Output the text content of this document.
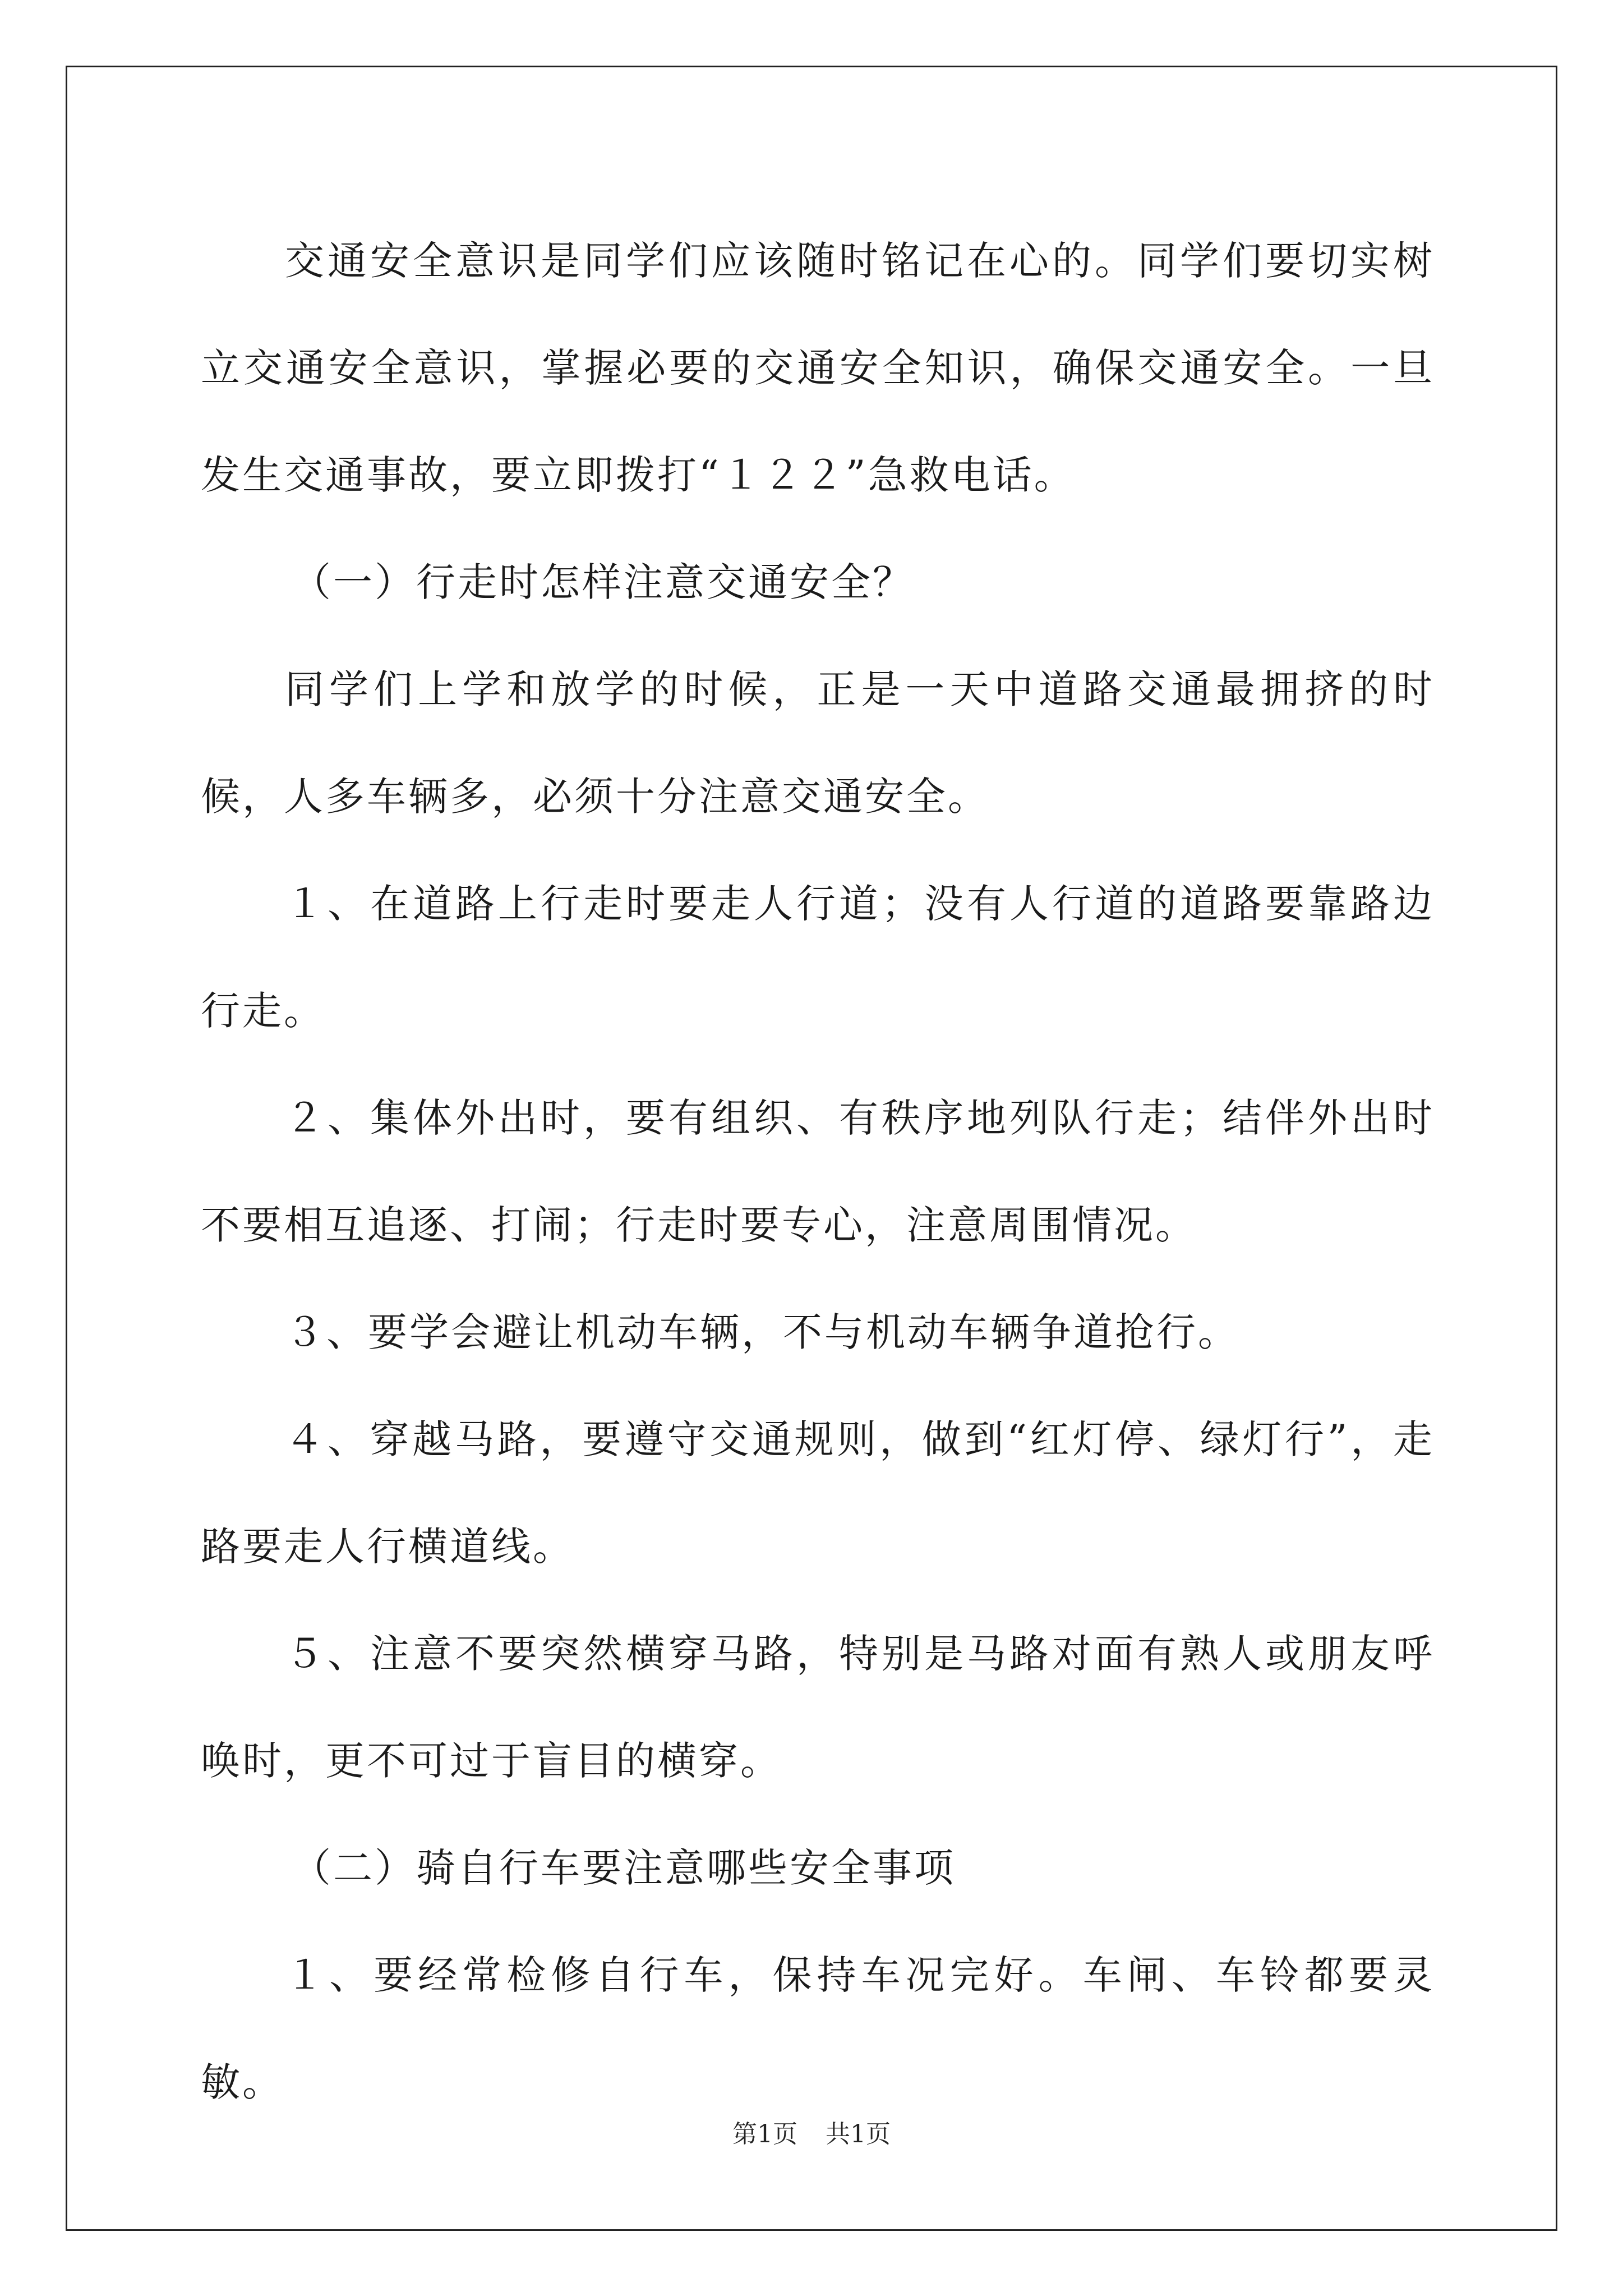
交通安全意识是同学们应该随时铭记在心的。同学们要切实树立交通安全意识，掌握必要的交通安全知识，确保交通安全。一旦发生交通事故，要立即拨打“１２２”急救电话。

（一）行走时怎样注意交通安全？

同学们上学和放学的时候，正是一天中道路交通最拥挤的时候，人多车辆多，必须十分注意交通安全。

１、在道路上行走时要走人行道；没有人行道的道路要靠路边行走。

２、集体外出时，要有组织、有秩序地列队行走；结伴外出时不要相互追逐、打闹；行走时要专心，注意周围情况。

３、要学会避让机动车辆，不与机动车辆争道抢行。

４、穿越马路，要遵守交通规则，做到“红灯停、绿灯行”，走路要走人行横道线。

５、注意不要突然横穿马路，特别是马路对面有熟人或朋友呼唤时，更不可过于盲目的横穿。

（二）骑自行车要注意哪些安全事项

１、要经常检修自行车，保持车况完好。车闸、车铃都要灵敏。

第1页 共1页
